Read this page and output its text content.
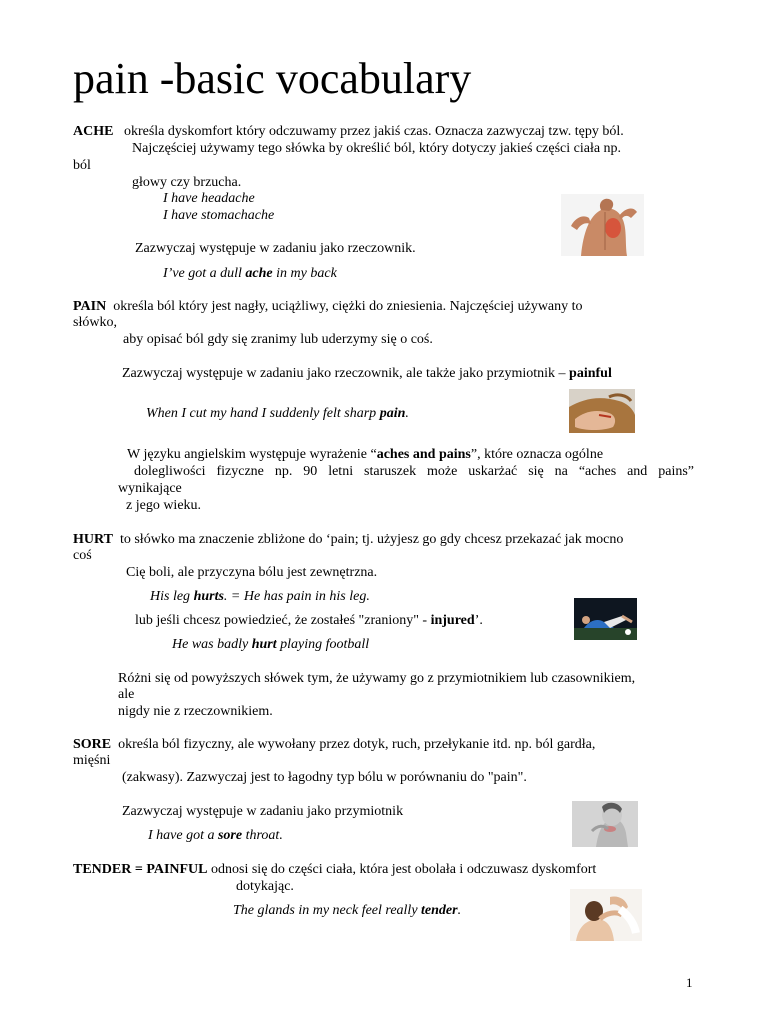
pain -basic vocabulary
ACHE określa dyskomfort który odczuwamy przez jakiś czas. Oznacza zazwyczaj tzw. tępy ból.
Najczęściej używamy tego słówka by określić ból, który dotyczy jakieś części ciała np.
ból
głowy czy brzucha.
I have headache
I have stomachache
Zazwyczaj występuje w zadaniu jako rzeczownik.
I’ve got a dull ache in my back
PAIN określa ból który jest nagły, uciążliwy, ciężki do zniesienia. Najczęściej używany to
słówko,
aby opisać ból gdy się zranimy lub uderzymy się o coś.
Zazwyczaj występuje w zadaniu jako rzeczownik, ale także jako przymiotnik – painful
When I cut my hand I suddenly felt sharp pain.
W języku angielskim występuje wyrażenie “aches and pains”, które oznacza ogólne
dolegliwości fizyczne np. 90 letni staruszek może uskarżać się na “aches and pains”
wynikające
z jego wieku.
HURT to słówko ma znaczenie zbliżone do ‘pain; tj. użyjesz go gdy chcesz przekazać jak mocno
coś
Cię boli, ale przyczyna bólu jest zewnętrzna.
His leg hurts. = He has pain in his leg.
lub jeśli chcesz powiedzieć, że zostałeś "zraniony" - injured’.
He was badly hurt playing football
Różni się od powyższych słówek tym, że używamy go z przymiotnikiem lub czasownikiem,
ale
nigdy nie z rzeczownikiem.
SORE określa ból fizyczny, ale wywołany przez dotyk, ruch, przełykanie itd. np. ból gardła,
mięśni
(zakwasy). Zazwyczaj jest to łagodny typ bólu w porównaniu do "pain".
Zazwyczaj występuje w zadaniu jako przymiotnik
I have got a sore throat.
TENDER = PAINFUL odnosi się do części ciała, która jest obolała i odczuwasz dyskomfort
dotykając.
The glands in my neck feel really tender.
1
